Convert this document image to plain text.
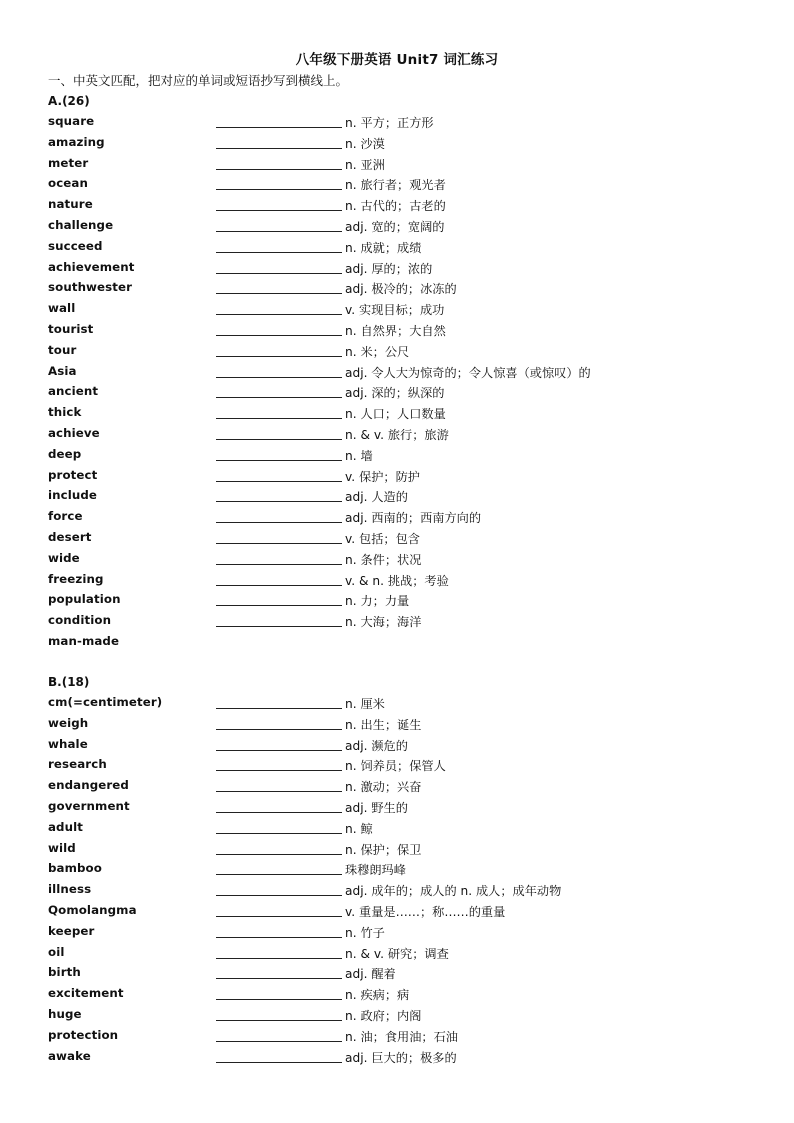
八年级下册英语 Unit7 词汇练习
一、中英文匹配，把对应的单词或短语抄写到横线上。
A.(26)
square	n. 平方；正方形
amazing	n. 沙漠
meter	n. 亚洲
ocean	n. 旅行者；观光者
nature	n. 古代的；古老的
challenge	adj. 宽的；宽阔的
succeed	n. 成就；成绩
achievement	adj. 厚的；浓的
southwester	adj. 极冷的；冰冻的
wall	v. 实现目标；成功
tourist	n. 自然界；大自然
tour	n. 米；公尺
Asia	adj. 令人大为惊奇的；令人惊喜（或惊叹）的
ancient	adj. 深的；纵深的
thick	n. 人口；人口数量
achieve	n. & v. 旅行；旅游
deep	n. 墙
protect	v. 保护；防护
include	adj. 人造的
force	adj. 西南的；西南方向的
desert	v. 包括；包含
wide	n. 条件；状况
freezing	v. & n. 挑战；考验
population	n. 力；力量
condition	n. 大海；海洋
man-made
B.(18)
cm(=centimeter)	n. 厘米
weigh	n. 出生；诞生
whale	adj. 濒危的
research	n. 饲养员；保管人
endangered	n. 激动；兴奋
government	adj. 野生的
adult	n. 鲸
wild	n. 保护；保卫
bamboo	珠穆朗玛峰
illness	adj. 成年的；成人的 n. 成人；成年动物
Qomolangma	v. 重量是……；称……的重量
keeper	n. 竹子
oil	n. & v. 研究；调查
birth	adj. 醒着
excitement	n. 疾病；病
huge	n. 政府；内阁
protection	n. 油；食用油；石油
awake	adj. 巨大的；极多的
